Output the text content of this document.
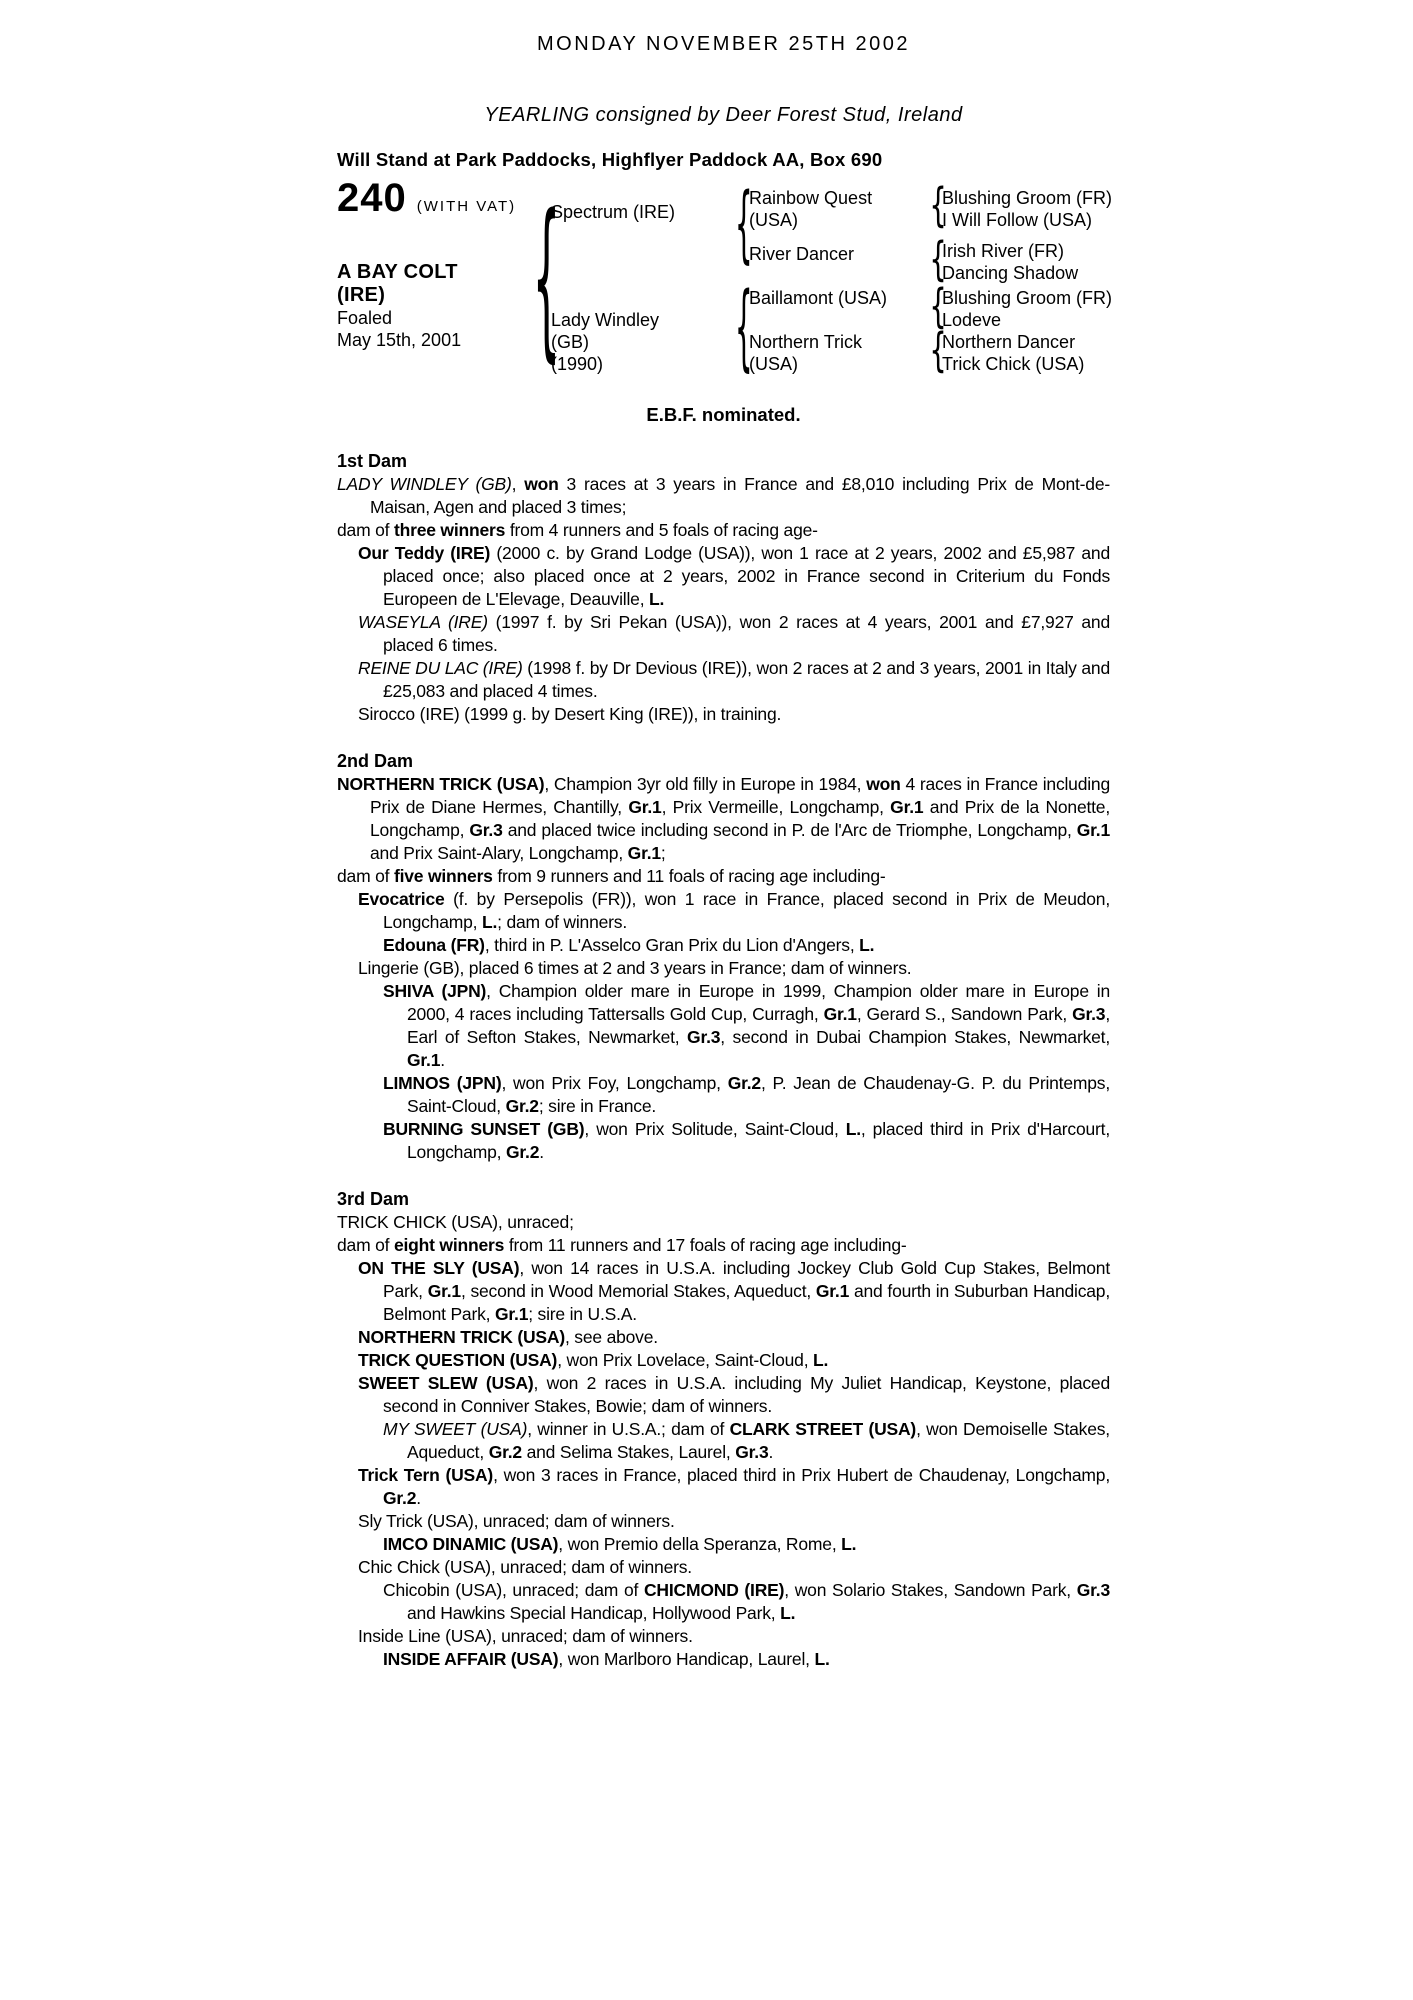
MONDAY NOVEMBER 25TH 2002
YEARLING consigned by Deer Forest Stud, Ireland
Will Stand at Park Paddocks, Highflyer Paddock AA, Box 690
240 (WITH VAT)
A BAY COLT
(IRE)
Foaled
May 15th, 2001 {	{
{
{
{
{
{
Spectrum (IRE)
Lady Windley
(GB)
(1990)
Rainbow Quest
(USA)
River Dancer
Baillamont (USA)
Northern Trick
(USA)
Blushing Groom (FR)
I Will Follow (USA)
Irish River (FR)
Dancing Shadow
Blushing Groom (FR)
Lodeve
Northern Dancer
Trick Chick (USA)
E.B.F. nominated.
1st Dam

LADY WINDLEY (GB), won 3 races at 3 years in France and £8,010 including Prix de Mont-de-Maisan, Agen and placed 3 times;

dam of three winners from 4 runners and 5 foals of racing age-

Our Teddy (IRE) (2000 c. by Grand Lodge (USA)), won 1 race at 2 years, 2002 and £5,987 and placed once; also placed once at 2 years, 2002 in France second in Criterium du Fonds Europeen de L'Elevage, Deauville, L.

WASEYLA (IRE) (1997 f. by Sri Pekan (USA)), won 2 races at 4 years, 2001 and £7,927 and placed 6 times.

REINE DU LAC (IRE) (1998 f. by Dr Devious (IRE)), won 2 races at 2 and 3 years, 2001 in Italy and £25,083 and placed 4 times.

Sirocco (IRE) (1999 g. by Desert King (IRE)), in training.

2nd Dam

NORTHERN TRICK (USA), Champion 3yr old filly in Europe in 1984, won 4 races in France including Prix de Diane Hermes, Chantilly, Gr.1, Prix Vermeille, Longchamp, Gr.1 and Prix de la Nonette, Longchamp, Gr.3 and placed twice including second in P. de l'Arc de Triomphe, Longchamp, Gr.1 and Prix Saint-Alary, Longchamp, Gr.1;

dam of five winners from 9 runners and 11 foals of racing age including-

Evocatrice (f. by Persepolis (FR)), won 1 race in France, placed second in Prix de Meudon, Longchamp, L.; dam of winners.

Edouna (FR), third in P. L'Asselco Gran Prix du Lion d'Angers, L.

Lingerie (GB), placed 6 times at 2 and 3 years in France; dam of winners.

SHIVA (JPN), Champion older mare in Europe in 1999, Champion older mare in Europe in 2000, 4 races including Tattersalls Gold Cup, Curragh, Gr.1, Gerard S., Sandown Park, Gr.3, Earl of Sefton Stakes, Newmarket, Gr.3, second in Dubai Champion Stakes, Newmarket, Gr.1.

LIMNOS (JPN), won Prix Foy, Longchamp, Gr.2, P. Jean de Chaudenay-G. P. du Printemps, Saint-Cloud, Gr.2; sire in France.

BURNING SUNSET (GB), won Prix Solitude, Saint-Cloud, L., placed third in Prix d'Harcourt, Longchamp, Gr.2.

3rd Dam

TRICK CHICK (USA), unraced;

dam of eight winners from 11 runners and 17 foals of racing age including-

ON THE SLY (USA), won 14 races in U.S.A. including Jockey Club Gold Cup Stakes, Belmont Park, Gr.1, second in Wood Memorial Stakes, Aqueduct, Gr.1 and fourth in Suburban Handicap, Belmont Park, Gr.1; sire in U.S.A.

NORTHERN TRICK (USA), see above.

TRICK QUESTION (USA), won Prix Lovelace, Saint-Cloud, L.

SWEET SLEW (USA), won 2 races in U.S.A. including My Juliet Handicap, Keystone, placed second in Conniver Stakes, Bowie; dam of winners.

MY SWEET (USA), winner in U.S.A.; dam of CLARK STREET (USA), won Demoiselle Stakes, Aqueduct, Gr.2 and Selima Stakes, Laurel, Gr.3.

Trick Tern (USA), won 3 races in France, placed third in Prix Hubert de Chaudenay, Longchamp, Gr.2.

Sly Trick (USA), unraced; dam of winners.

IMCO DINAMIC (USA), won Premio della Speranza, Rome, L.

Chic Chick (USA), unraced; dam of winners.

Chicobin (USA), unraced; dam of CHICMOND (IRE), won Solario Stakes, Sandown Park, Gr.3 and Hawkins Special Handicap, Hollywood Park, L.

Inside Line (USA), unraced; dam of winners.

INSIDE AFFAIR (USA), won Marlboro Handicap, Laurel, L.
